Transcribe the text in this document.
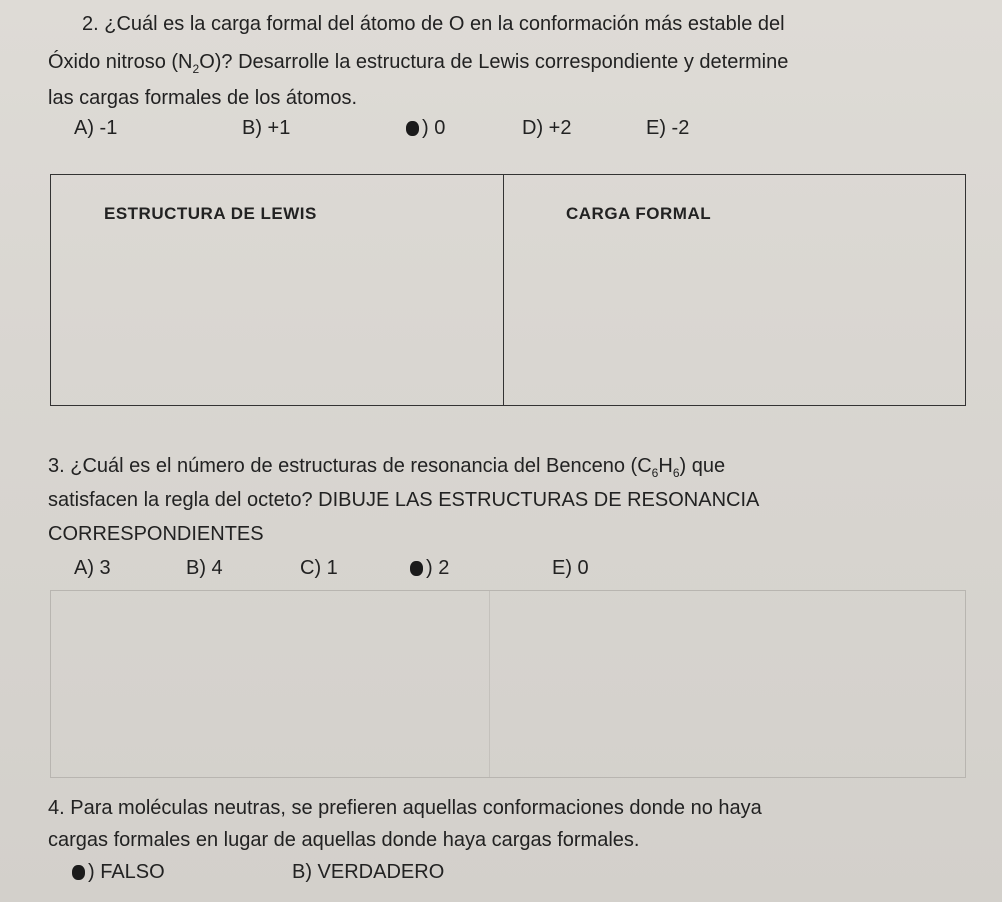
2. ¿Cuál es la carga formal del átomo de O en la conformación más estable del
Óxido nitroso $(N_2O)$? Desarrolle la estructura de Lewis correspondiente y determine
las cargas formales de los átomos.
A) -1	B) +1	) 0	D) +2	E) -2
ESTRUCTURA DE LEWIS	CARGA FORMAL
3. ¿Cuál es el número de estructuras de resonancia del Benceno $(C_6H_6)$ que
satisfacen la regla del octeto? DIBUJE LAS ESTRUCTURAS DE RESONANCIA
CORRESPONDIENTES
A) 3	B) 4	C) 1	) 2	E) 0
4. Para moléculas neutras, se prefieren aquellas conformaciones donde no haya
cargas formales en lugar de aquellas donde haya cargas formales.
) FALSO	B) VERDADERO
